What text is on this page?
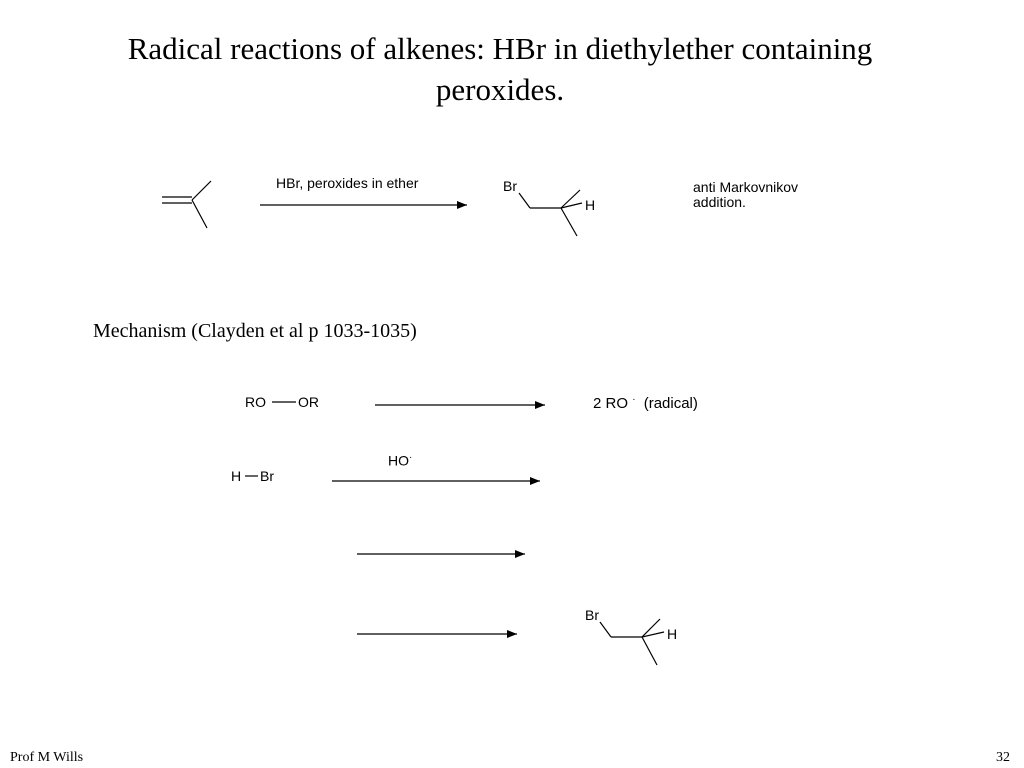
Radical reactions of alkenes: HBr in diethylether containing
peroxides.
HBr, peroxides in ether	Br
H
anti Markovnikov
addition.
Mechanism (Clayden et al p 1033-1035)
RO OR	2 RO · (radical)
HO·
H Br
Br
H
Prof M Wills	32
